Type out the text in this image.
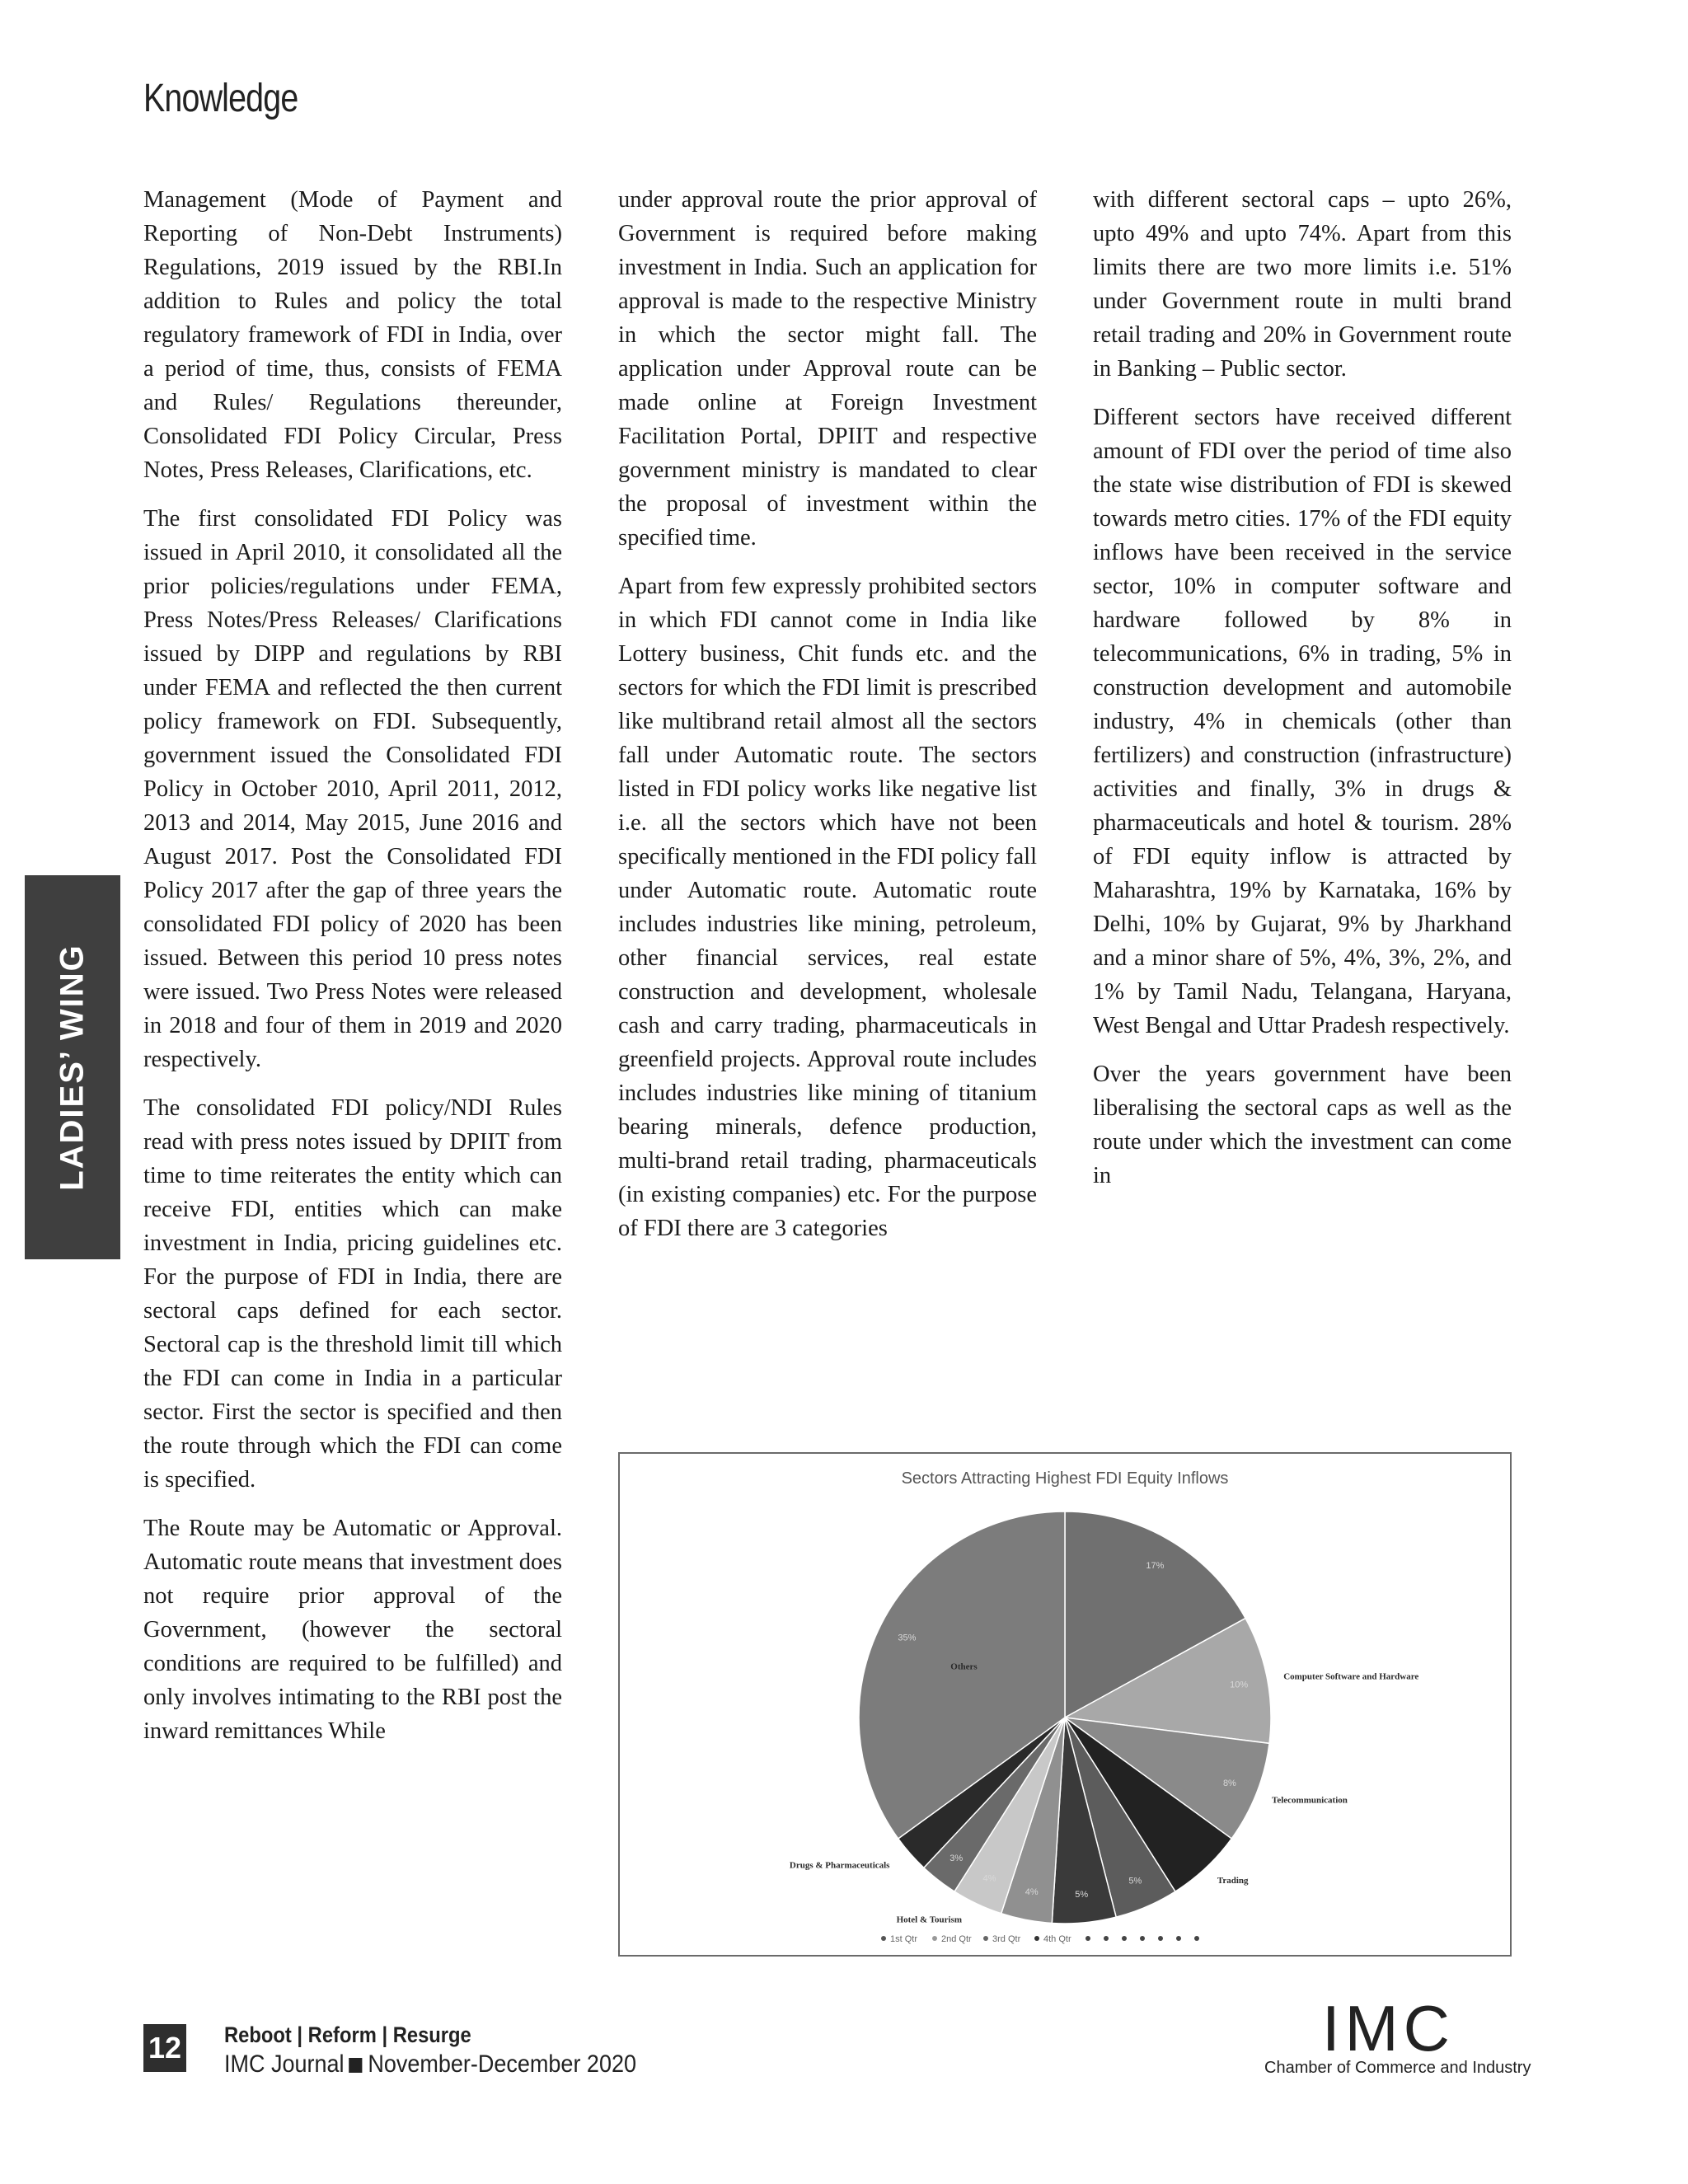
Knowledge
LADIES’ WING

Management (Mode of Payment and Reporting of Non-Debt Instruments) Regulations, 2019 issued by the RBI.In addition to Rules and policy the total regulatory framework of FDI in India, over a period of time, thus, consists of FEMA and Rules/ Regulations thereunder, Consolidated FDI Policy Circular, Press Notes, Press Releases, Clarifications, etc.

The first consolidated FDI Policy was issued in April 2010, it consolidated all the prior policies/regulations under FEMA, Press Notes/Press Releases/ Clarifications issued by DIPP and regulations by RBI under FEMA and reflected the then current policy framework on FDI. Subsequently, government issued the Consolidated FDI Policy in October 2010, April 2011, 2012, 2013 and 2014, May 2015, June 2016 and August 2017. Post the Consolidated FDI Policy 2017 after the gap of three years the consolidated FDI policy of 2020 has been issued. Between this period 10 press notes were issued. Two Press Notes were released in 2018 and four of them in 2019 and 2020 respectively.

The consolidated FDI policy/NDI Rules read with press notes issued by DPIIT from time to time reiterates the entity which can receive FDI, entities which can make investment in India, pricing guidelines etc. For the purpose of FDI in India, there are sectoral caps defined for each sector. Sectoral cap is the threshold limit till which the FDI can come in India in a particular sector. First the sector is specified and then the route through which the FDI can come is specified.

The Route may be Automatic or Approval. Automatic route means that investment does not require prior approval of the Government, (however the sectoral conditions are required to be fulfilled) and only involves intimating to the RBI post the inward remittances While

under approval route the prior approval of Government is required before making investment in India. Such an application for approval is made to the respective Ministry in which the sector might fall. The application under Approval route can be made online at Foreign Investment Facilitation Portal, DPIIT and respective government ministry is mandated to clear the proposal of investment within the specified time.

Apart from few expressly prohibited sectors in which FDI cannot come in India like Lottery business, Chit funds etc. and the sectors for which the FDI limit is prescribed like multibrand retail almost all the sectors fall under Automatic route. The sectors listed in FDI policy works like negative list i.e. all the sectors which have not been specifically mentioned in the FDI policy fall under Automatic route. Automatic route includes industries like mining, petroleum, other financial services, real estate construction and development, wholesale cash and carry trading, pharmaceuticals in greenfield projects. Approval route includes includes industries like mining of titanium bearing minerals, defence production, multi-brand retail trading, pharmaceuticals (in existing companies) etc. For the purpose of FDI there are 3 categories

with different sectoral caps – upto 26%, upto 49% and upto 74%. Apart from this limits there are two more limits i.e. 51% under Government route in multi brand retail trading and 20% in Government route in Banking – Public sector.

Different sectors have received different amount of FDI over the period of time also the state wise distribution of FDI is skewed towards metro cities. 17% of the FDI equity inflows have been received in the service sector, 10% in computer software and hardware followed by 8% in telecommunications, 6% in trading, 5% in construction development and automobile industry, 4% in chemicals (other than fertilizers) and construction (infrastructure) activities and finally, 3% in drugs & pharmaceuticals and hotel & tourism. 28% of FDI equity inflow is attracted by Maharashtra, 19% by Karnataka, 16% by Delhi, 10% by Gujarat, 9% by Jharkhand and a minor share of 5%, 4%, 3%, 2%, and 1% by Tamil Nadu, Telangana, Haryana, West Bengal and Uttar Pradesh respectively.

Over the years government have been liberalising the sectoral caps as well as the route under which the investment can come in

Sectors Attracting Highest FDI Equity Inflows
17%
10%
Computer Software and Hardware
8%
Telecommunication
Trading
5%
5%
4%
4%
Hotel & Tourism
3%
Drugs & Pharmaceuticals
35%
Others
1st Qtr	2nd Qtr 3rd Qtr	4th Qtr
12 Reboot | Reform | Resurge
IMC Journal November-December 2020	IMC
Chamber of Commerce and Industry
